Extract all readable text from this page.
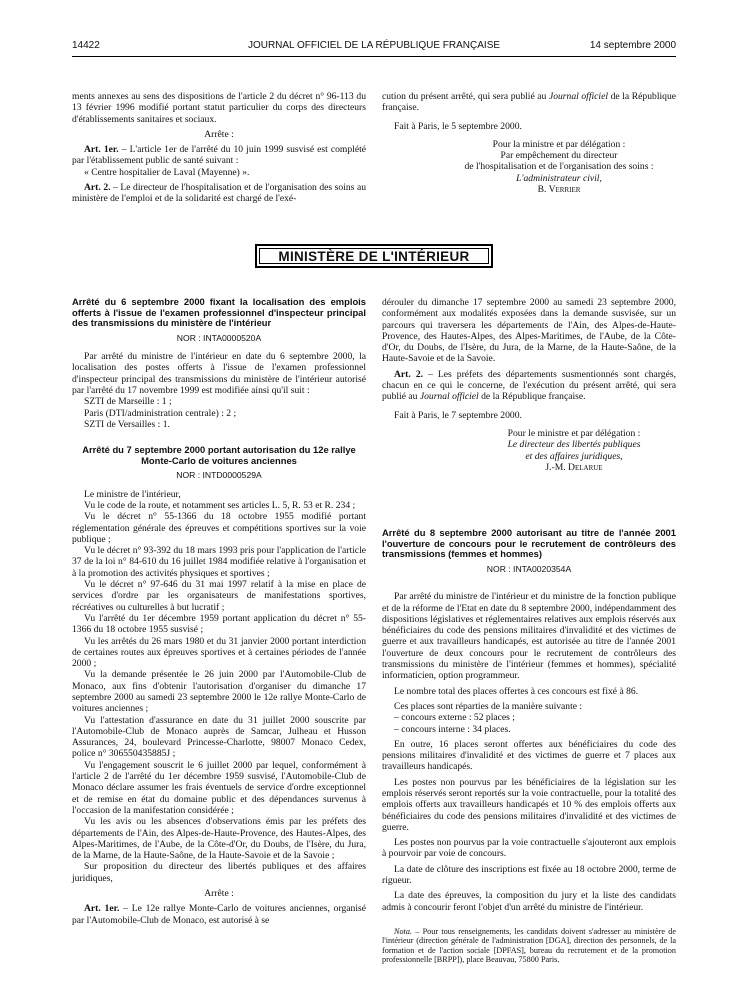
14422	JOURNAL OFFICIEL DE LA RÉPUBLIQUE FRANÇAISE	14 septembre 2000

ments annexes au sens des dispositions de l'article 2 du décret n° 96-113 du 13 février 1996 modifié portant statut particulier du corps des directeurs d'établissements sanitaires et sociaux.

Arrête :

Art. 1er. – L'article 1er de l'arrêté du 10 juin 1999 susvisé est complété par l'établissement public de santé suivant :

« Centre hospitalier de Laval (Mayenne) ».

Art. 2. – Le directeur de l'hospitalisation et de l'organisation des soins au ministère de l'emploi et de la solidarité est chargé de l'exé-

cution du présent arrêté, qui sera publié au Journal officiel de la République française.

Fait à Paris, le 5 septembre 2000.

Pour la ministre et par délégation :

Par empêchement du directeur

de l'hospitalisation et de l'organisation des soins :

L'administrateur civil,

B. Verrier

MINISTÈRE DE L'INTÉRIEUR

Arrêté du 6 septembre 2000 fixant la localisation des emplois offerts à l'issue de l'examen professionnel d'inspecteur principal des transmissions du ministère de l'intérieur

NOR : INTA0000520A

Par arrêté du ministre de l'intérieur en date du 6 septembre 2000, la localisation des postes offerts à l'issue de l'examen professionnel d'inspecteur principal des transmissions du ministère de l'intérieur autorisé par l'arrêté du 17 novembre 1999 est modifiée ainsi qu'il suit :

SZTI de Marseille : 1 ;

Paris (DTI/administration centrale) : 2 ;

SZTI de Versailles : 1.

Arrêté du 7 septembre 2000 portant autorisation du 12e rallye Monte-Carlo de voitures anciennes

NOR : INTD0000529A

Le ministre de l'intérieur,

Vu le code de la route, et notamment ses articles L. 5, R. 53 et R. 234 ;

Vu le décret n° 55-1366 du 18 octobre 1955 modifié portant réglementation générale des épreuves et compétitions sportives sur la voie publique ;

Vu le décret n° 93-392 du 18 mars 1993 pris pour l'application de l'article 37 de la loi n° 84-610 du 16 juillet 1984 modifiée relative à l'organisation et à la promotion des activités physiques et sportives ;

Vu le décret n° 97-646 du 31 mai 1997 relatif à la mise en place de services d'ordre par les organisateurs de manifestations sportives, récréatives ou culturelles à but lucratif ;

Vu l'arrêté du 1er décembre 1959 portant application du décret n° 55-1366 du 18 octobre 1955 susvisé ;

Vu les arrêtés du 26 mars 1980 et du 31 janvier 2000 portant interdiction de certaines routes aux épreuves sportives et à certaines périodes de l'année 2000 ;

Vu la demande présentée le 26 juin 2000 par l'Automobile-Club de Monaco, aux fins d'obtenir l'autorisation d'organiser du dimanche 17 septembre 2000 au samedi 23 septembre 2000 le 12e rallye Monte-Carlo de voitures anciennes ;

Vu l'attestation d'assurance en date du 31 juillet 2000 souscrite par l'Automobile-Club de Monaco auprès de Samcar, Julheau et Husson Assurances, 24, boulevard Princesse-Charlotte, 98007 Monaco Cedex, police n° 306550435885J ;

Vu l'engagement souscrit le 6 juillet 2000 par lequel, conformément à l'article 2 de l'arrêté du 1er décembre 1959 susvisé, l'Automobile-Club de Monaco déclare assumer les frais éventuels de service d'ordre exceptionnel et de remise en état du domaine public et des dépendances survenus à l'occasion de la manifestation considérée ;

Vu les avis ou les absences d'observations émis par les préfets des départements de l'Ain, des Alpes-de-Haute-Provence, des Hautes-Alpes, des Alpes-Maritimes, de l'Aube, de la Côte-d'Or, du Doubs, de l'Isère, du Jura, de la Marne, de la Haute-Saône, de la Haute-Savoie et de la Savoie ;

Sur proposition du directeur des libertés publiques et des affaires juridiques,

Arrête :

Art. 1er. – Le 12e rallye Monte-Carlo de voitures anciennes, organisé par l'Automobile-Club de Monaco, est autorisé à se

dérouler du dimanche 17 septembre 2000 au samedi 23 septembre 2000, conformément aux modalités exposées dans la demande susvisée, sur un parcours qui traversera les départements de l'Ain, des Alpes-de-Haute-Provence, des Hautes-Alpes, des Alpes-Maritimes, de l'Aube, de la Côte-d'Or, du Doubs, de l'Isère, du Jura, de la Marne, de la Haute-Saône, de la Haute-Savoie et de la Savoie.

Art. 2. – Les préfets des départements susmentionnés sont chargés, chacun en ce qui le concerne, de l'exécution du présent arrêté, qui sera publié au Journal officiel de la République française.

Fait à Paris, le 7 septembre 2000.

Pour le ministre et par délégation :

Le directeur des libertés publiques

et des affaires juridiques,

J.-M. Delarue

Arrêté du 8 septembre 2000 autorisant au titre de l'année 2001 l'ouverture de concours pour le recrutement de contrôleurs des transmissions (femmes et hommes)

NOR : INTA0020354A

Par arrêté du ministre de l'intérieur et du ministre de la fonction publique et de la réforme de l'Etat en date du 8 septembre 2000, indépendamment des dispositions législatives et réglementaires relatives aux emplois réservés aux bénéficiaires du code des pensions militaires d'invalidité et des victimes de guerre et aux travailleurs handicapés, est autorisée au titre de l'année 2001 l'ouverture de deux concours pour le recrutement de contrôleurs des transmissions du ministère de l'intérieur (femmes et hommes), spécialité informaticien, option programmeur.

Le nombre total des places offertes à ces concours est fixé à 86.

Ces places sont réparties de la manière suivante :

– concours externe : 52 places ;

– concours interne : 34 places.

En outre, 16 places seront offertes aux bénéficiaires du code des pensions militaires d'invalidité et des victimes de guerre et 7 places aux travailleurs handicapés.

Les postes non pourvus par les bénéficiaires de la législation sur les emplois réservés seront reportés sur la voie contractuelle, pour la totalité des emplois offerts aux travailleurs handicapés et 10 % des emplois offerts aux bénéficiaires du code des pensions militaires d'invalidité et des victimes de guerre.

Les postes non pourvus par la voie contractuelle s'ajouteront aux emplois à pourvoir par voie de concours.

La date de clôture des inscriptions est fixée au 18 octobre 2000, terme de rigueur.

La date des épreuves, la composition du jury et la liste des candidats admis à concourir feront l'objet d'un arrêté du ministre de l'intérieur.

Nota. – Pour tous renseignements, les candidats doivent s'adresser au ministère de l'intérieur (direction générale de l'administration [DGA], direction des personnels, de la formation et de l'action sociale [DPFAS], bureau du recrutement et de la promotion professionnelle [BRPP]), place Beauvau, 75800 Paris.
